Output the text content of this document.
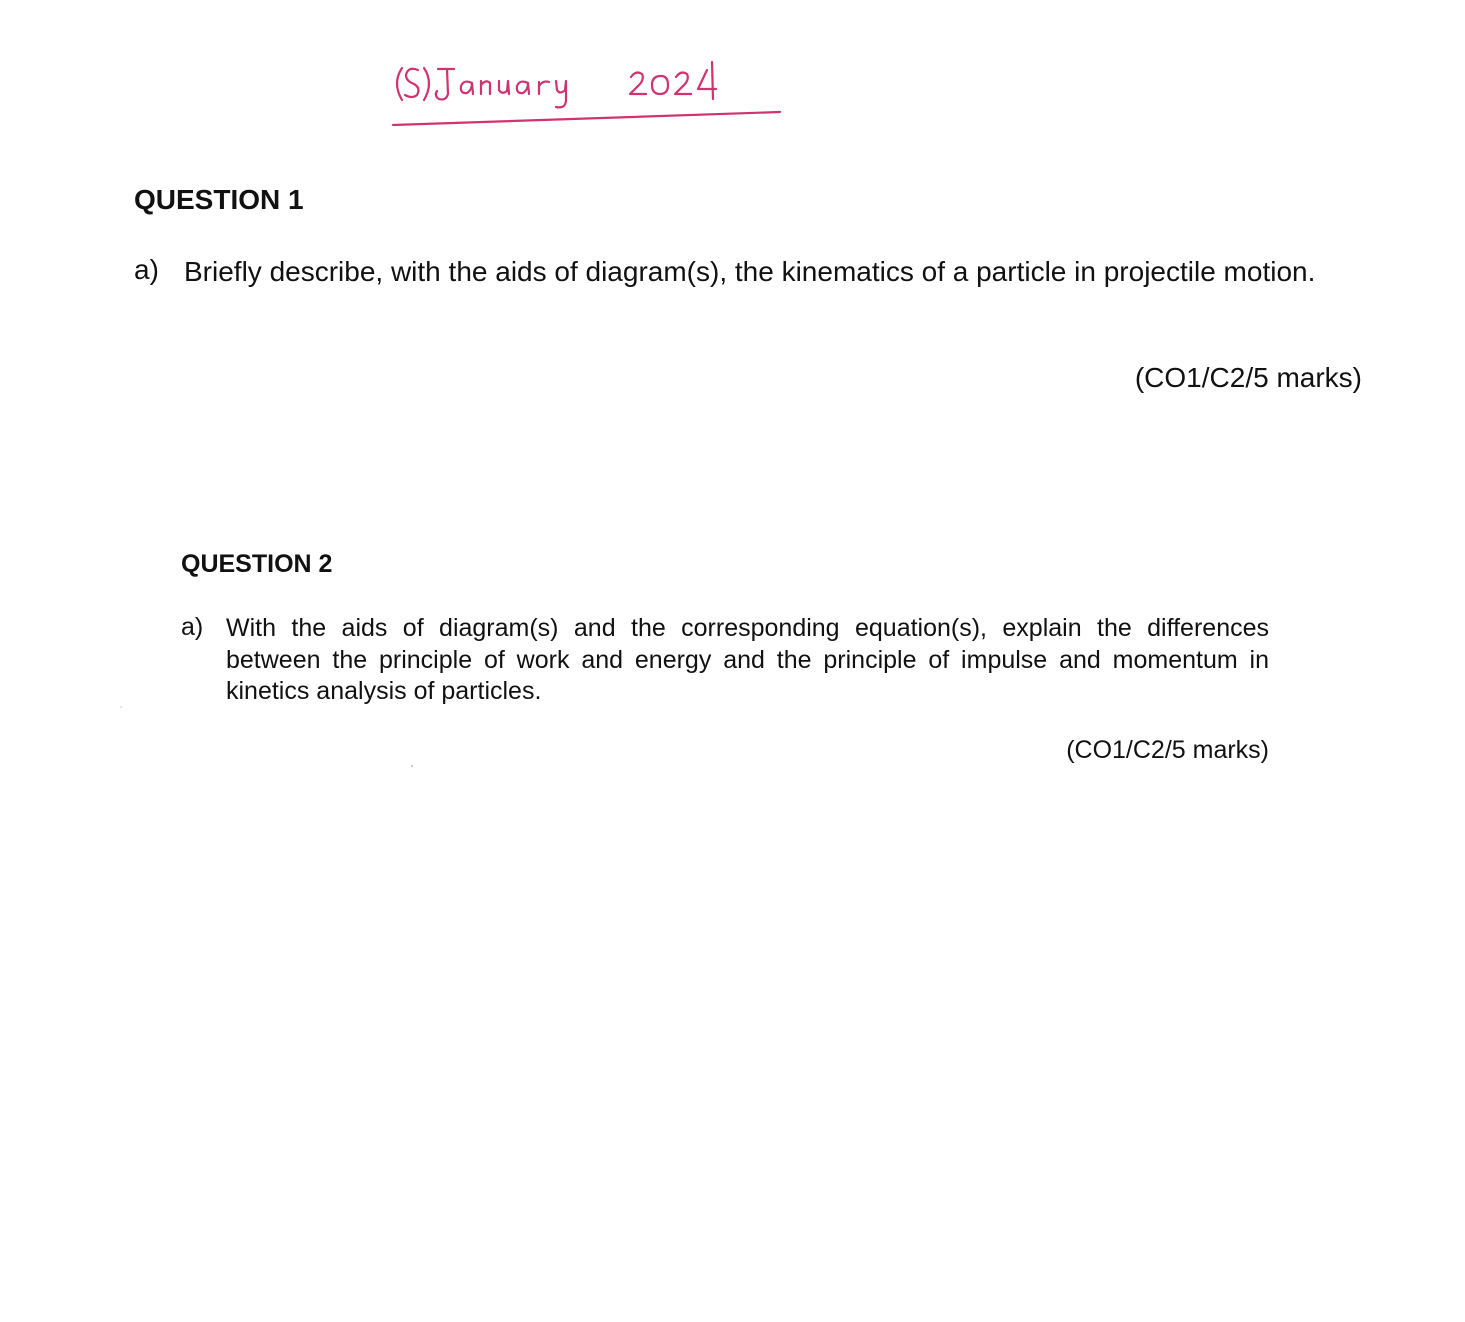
QUESTION 1
a) Briefly describe, with the aids of diagram(s), the kinematics of a particle in projectile motion.

(CO1/C2/5 marks)
QUESTION 2
a) With the aids of diagram(s) and the corresponding equation(s), explain the differences between the principle of work and energy and the principle of impulse and momentum in kinetics analysis of particles.

(CO1/C2/5 marks)
